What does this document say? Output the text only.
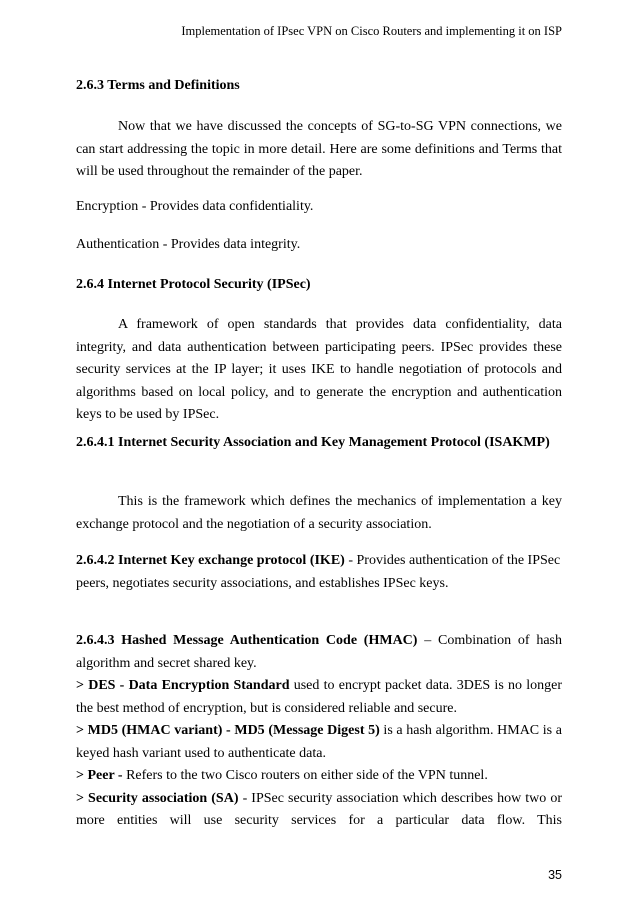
Implementation of IPsec VPN on Cisco Routers and implementing it on ISP
2.6.3 Terms and Definitions

Now that we have discussed the concepts of SG-to-SG VPN connections, we can start addressing the topic in more detail. Here are some definitions and Terms that will be used throughout the remainder of the paper.

Encryption - Provides data confidentiality.
Authentication - Provides data integrity.
2.6.4 Internet Protocol Security (IPSec)

A framework of open standards that provides data confidentiality, data integrity, and data authentication between participating peers. IPSec provides these security services at the IP layer; it uses IKE to handle negotiation of protocols and algorithms based on local policy, and to generate the encryption and authentication keys to be used by IPSec.

2.6.4.1 Internet Security Association and Key Management Protocol (ISAKMP)

This is the framework which defines the mechanics of implementation a key exchange protocol and the negotiation of a security association.

2.6.4.2 Internet Key exchange protocol (IKE) - Provides authentication of the IPSec
peers, negotiates security associations, and establishes IPSec keys.
2.6.4.3 Hashed Message Authentication Code (HMAC) – Combination of hash algorithm and secret shared key.
> DES - Data Encryption Standard used to encrypt packet data. 3DES is no longer the best method of encryption, but is considered reliable and secure.
> MD5 (HMAC variant) - MD5 (Message Digest 5) is a hash algorithm. HMAC is a keyed hash variant used to authenticate data.
> Peer - Refers to the two Cisco routers on either side of the VPN tunnel.
> Security association (SA) - IPSec security association which describes how two or more entities will use security services for a particular data flow. This
35
